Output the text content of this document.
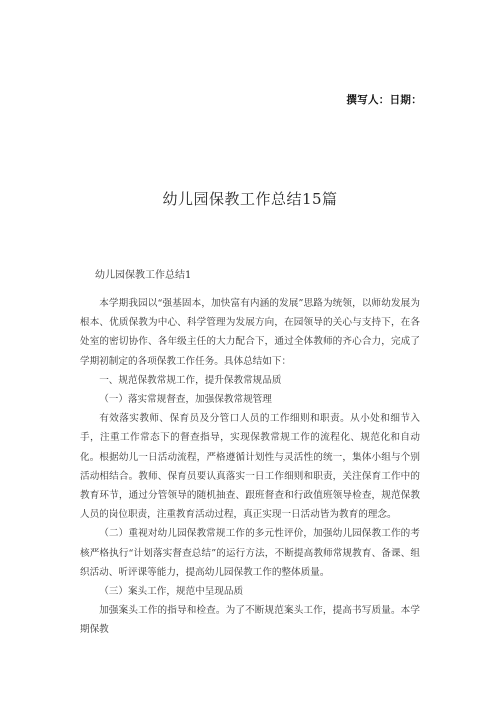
撰写人：日期：
幼儿园保教工作总结15篇
幼儿园保教工作总结1

本学期我园以“强基固本，加快富有内涵的发展”思路为统领，以师幼发展为根本、优质保教为中心、科学管理为发展方向，在园领导的关心与支持下，在各处室的密切协作、各年级主任的大力配合下，通过全体教师的齐心合力，完成了学期初制定的各项保教工作任务。具体总结如下：

一、规范保教常规工作，提升保教常规品质

（一）落实常规督查，加强保教常规管理

有效落实教师、保育员及分管口人员的工作细则和职责。从小处和细节入手，注重工作常态下的督查指导，实现保教常规工作的流程化、规范化和自动化。根据幼儿一日活动流程，严格遵循计划性与灵活性的统一，集体小组与个别活动相结合。教师、保育员要认真落实一日工作细则和职责，关注保育工作中的教育环节，通过分管领导的随机抽查、跟班督查和行政值班领导检查，规范保教人员的岗位职责，注重教育活动过程，真正实现一日活动皆为教育的理念。

（二）重视对幼儿园保教常规工作的多元性评价，加强幼儿园保教工作的考核严格执行“计划落实督查总结”的运行方法，不断提高教师常规教育、备课、组织活动、听评课等能力，提高幼儿园保教工作的整体质量。

（三）案头工作，规范中呈现品质

加强案头工作的指导和检查。为了不断规范案头工作，提高书写质量。本学期保教
